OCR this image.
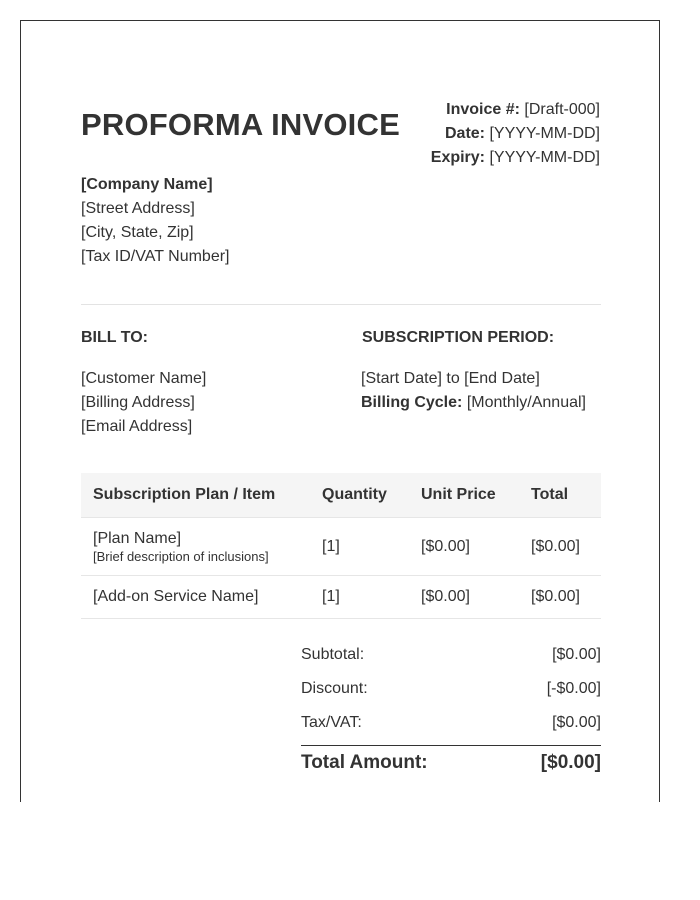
PROFORMA INVOICE	Invoice #: [Draft-000]
Date: [YYYY-MM-DD]
Expiry: [YYYY-MM-DD]
[Company Name]
[Street Address]
[City, State, Zip]
[Tax ID/VAT Number]
BILL TO:	SUBSCRIPTION PERIOD:
[Customer Name]
[Billing Address]
[Email Address]
[Start Date] to [End Date]
Billing Cycle: [Monthly/Annual]
Subscription Plan / Item	Quantity	Unit Price	Total
[Plan Name]
[Brief description of inclusions]	[1]	[$0.00]	[$0.00]
[Add-on Service Name]	[1]	[$0.00]	[$0.00]
Subtotal:	[$0.00]
Discount:	[-$0.00]
Tax/VAT:	[$0.00]
Total Amount:	[$0.00]
